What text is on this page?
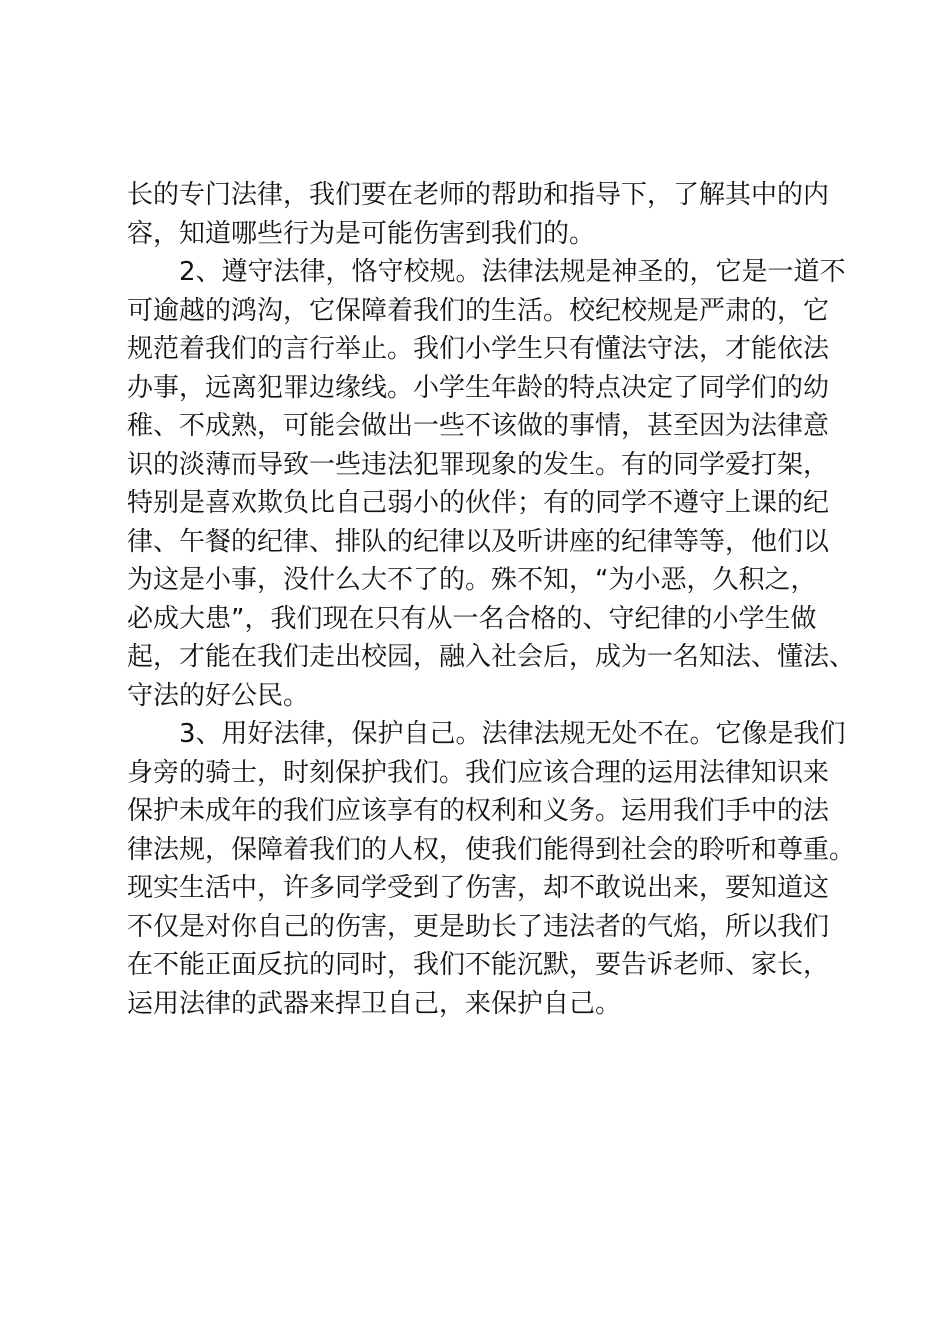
长的专门法律，我们要在老师的帮助和指导下，了解其中的内
容，知道哪些行为是可能伤害到我们的。
2、遵守法律，恪守校规。法律法规是神圣的，它是一道不
可逾越的鸿沟，它保障着我们的生活。校纪校规是严肃的，它
规范着我们的言行举止。我们小学生只有懂法守法，才能依法
办事，远离犯罪边缘线。小学生年龄的特点决定了同学们的幼
稚、不成熟，可能会做出一些不该做的事情，甚至因为法律意
识的淡薄而导致一些违法犯罪现象的发生。有的同学爱打架，
特别是喜欢欺负比自己弱小的伙伴；有的同学不遵守上课的纪
律、午餐的纪律、排队的纪律以及听讲座的纪律等等，他们以
为这是小事，没什么大不了的。殊不知，“为小恶，久积之，
必成大患”，我们现在只有从一名合格的、守纪律的小学生做
起，才能在我们走出校园，融入社会后，成为一名知法、懂法、
守法的好公民。
3、用好法律，保护自己。法律法规无处不在。它像是我们
身旁的骑士，时刻保护我们。我们应该合理的运用法律知识来
保护未成年的我们应该享有的权利和义务。运用我们手中的法
律法规，保障着我们的人权，使我们能得到社会的聆听和尊重。
现实生活中，许多同学受到了伤害，却不敢说出来，要知道这
不仅是对你自己的伤害，更是助长了违法者的气焰，所以我们
在不能正面反抗的同时，我们不能沉默，要告诉老师、家长，
运用法律的武器来捍卫自己，来保护自己。
